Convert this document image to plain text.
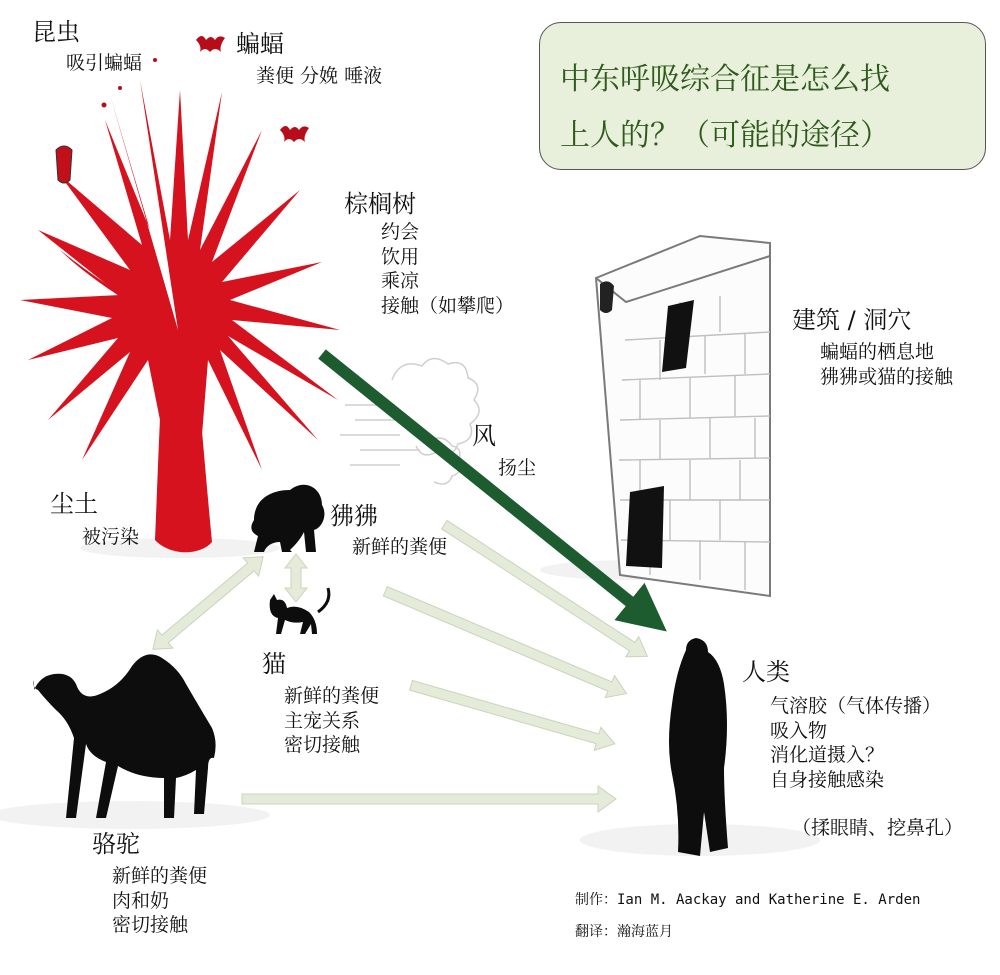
中东呼吸综合征是怎么找
上人的？（可能的途径）
昆虫
吸引蝙蝠
蝙蝠
粪便 分娩 唾液
棕榈树
约会
饮用
乘凉
接触（如攀爬）	建筑 / 洞穴
蝙蝠的栖息地
狒狒或猫的接触
风
扬尘
尘土
被污染
狒狒
新鲜的粪便
猫
新鲜的粪便
主宠关系
密切接触
骆驼
新鲜的粪便
肉和奶
密切接触
人类
气溶胶（气体传播）
吸入物
消化道摄入？
自身接触感染
（揉眼睛、挖鼻孔）
制作：Ian M. Aackay and Katherine E. Arden
翻译：瀚海蓝月
